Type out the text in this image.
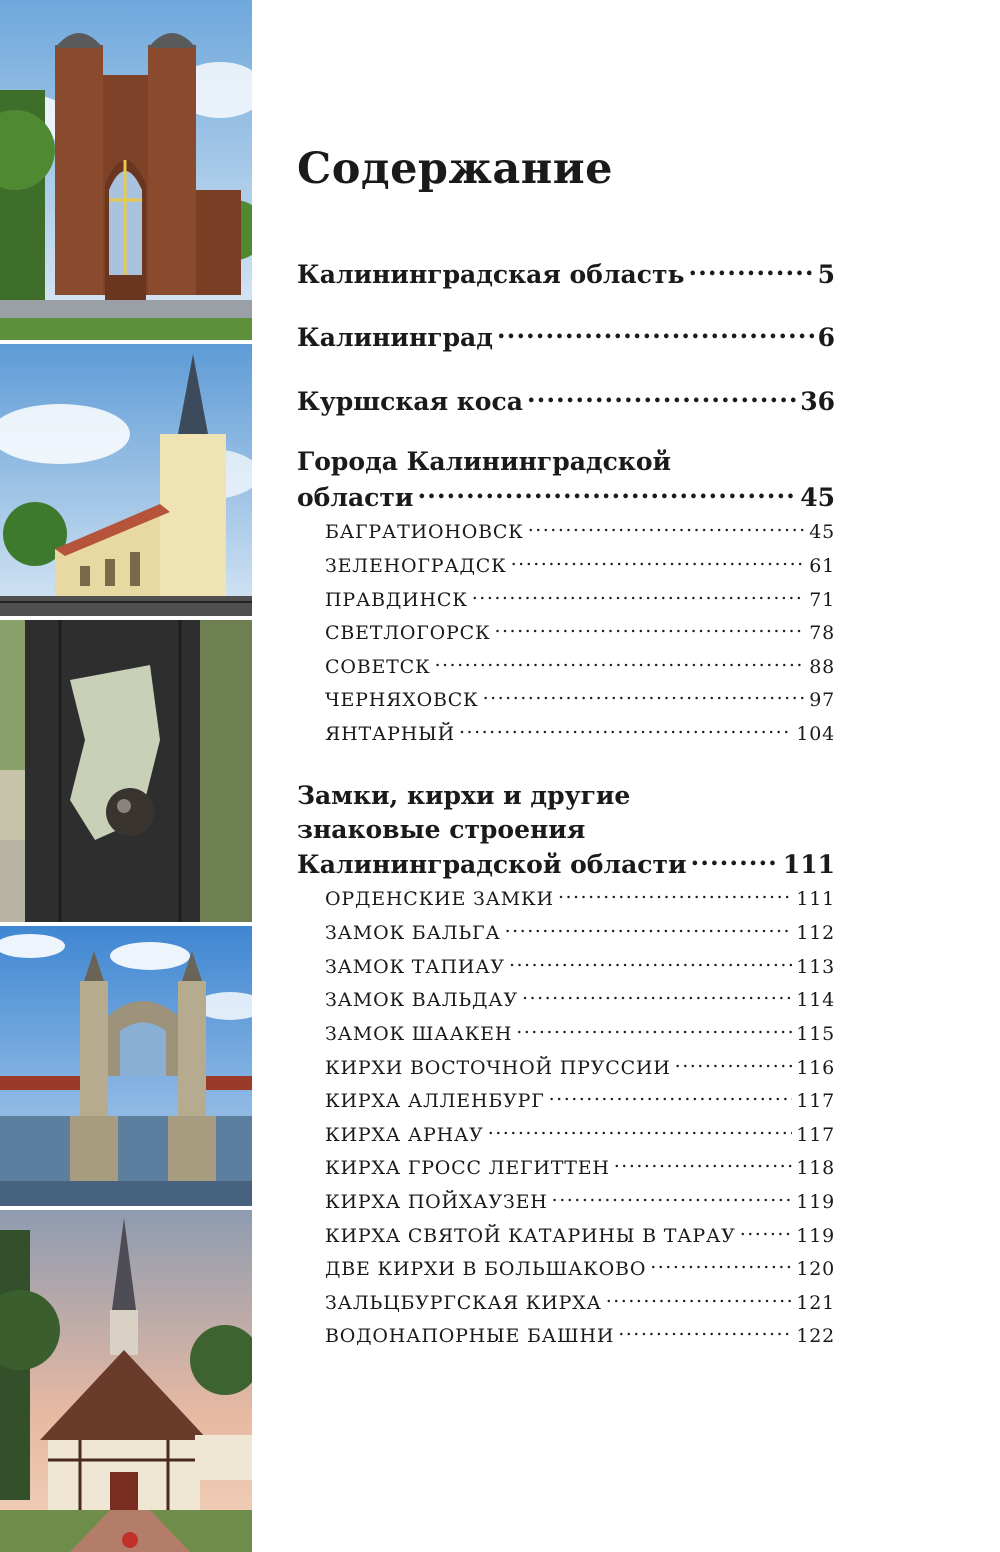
Содержание
Калининградская область .....	5
Калининград .....	6
Куршская коса .....	36
Города Калининградской
области .....	45
БАГРАТИОНОВСК .....	45
ЗЕЛЕНОГРАДСК .....	61
ПРАВДИНСК .....	71
СВЕТЛОГОРСК .....	78
СОВЕТСК .....	88
ЧЕРНЯХОВСК .....	97
ЯНТАРНЫЙ .....	104
Замки, кирхи и другие
знаковые строения
Калининградской области .....	111
ОРДЕНСКИЕ ЗАМКИ .....	111
ЗАМОК БАЛЬГА .....	112
ЗАМОК ТАПИАУ .....	113
ЗАМОК ВАЛЬДАУ .....	114
ЗАМОК ШААКЕН .....	115
КИРХИ ВОСТОЧНОЙ ПРУССИИ .....	116
КИРХА АЛЛЕНБУРГ .....	117
КИРХА АРНАУ .....	117
КИРХА ГРОСС ЛЕГИТТЕН .....	118
КИРХА ПОЙХАУЗЕН .....	119
КИРХА СВЯТОЙ КАТАРИНЫ В ТАРАУ .....	119
ДВЕ КИРХИ В БОЛЬШАКОВО .....	120
ЗАЛЬЦБУРГСКАЯ КИРХА .....	121
ВОДОНАПОРНЫЕ БАШНИ .....	122
